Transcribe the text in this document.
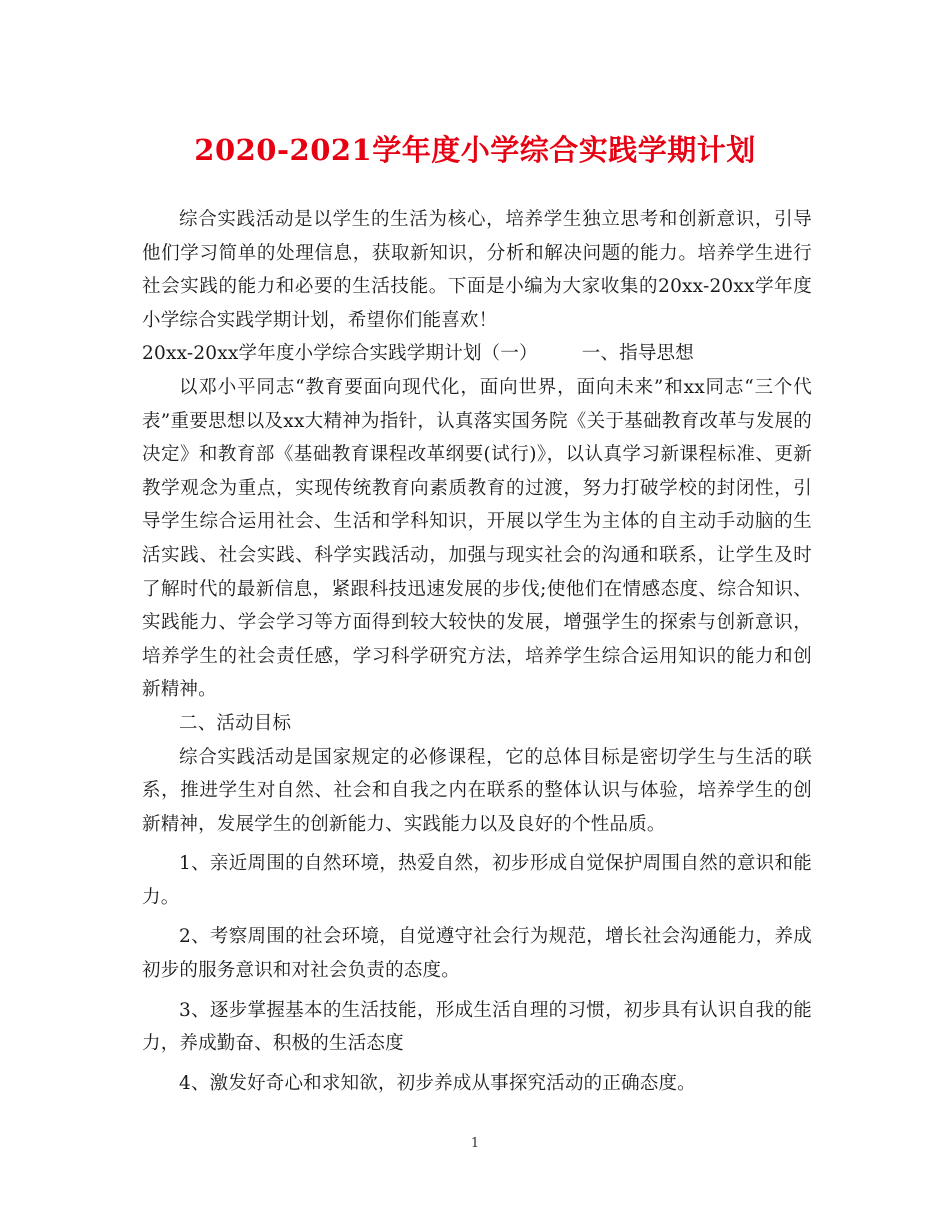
2020-2021学年度小学综合实践学期计划

综合实践活动是以学生的生活为核心，培养学生独立思考和创新意识，引导他们学习简单的处理信息，获取新知识，分析和解决问题的能力。培养学生进行社会实践的能力和必要的生活技能。下面是小编为大家收集的20xx-20xx学年度小学综合实践学期计划，希望你们能喜欢！

20xx-20xx学年度小学综合实践学期计划（一） 一、指导思想

以邓小平同志“教育要面向现代化，面向世界，面向未来”和xx同志“三个代表”重要思想以及xx大精神为指针，认真落实国务院《关于基础教育改革与发展的决定》和教育部《基础教育课程改革纲要(试行)》，以认真学习新课程标准、更新教学观念为重点，实现传统教育向素质教育的过渡，努力打破学校的封闭性，引导学生综合运用社会、生活和学科知识，开展以学生为主体的自主动手动脑的生活实践、社会实践、科学实践活动，加强与现实社会的沟通和联系，让学生及时了解时代的最新信息，紧跟科技迅速发展的步伐;使他们在情感态度、综合知识、实践能力、学会学习等方面得到较大较快的发展，增强学生的探索与创新意识，培养学生的社会责任感，学习科学研究方法，培养学生综合运用知识的能力和创新精神。

二、活动目标

综合实践活动是国家规定的必修课程，它的总体目标是密切学生与生活的联系，推进学生对自然、社会和自我之内在联系的整体认识与体验，培养学生的创新精神，发展学生的创新能力、实践能力以及良好的个性品质。

1、亲近周围的自然环境，热爱自然，初步形成自觉保护周围自然的意识和能力。

2、考察周围的社会环境，自觉遵守社会行为规范，增长社会沟通能力，养成初步的服务意识和对社会负责的态度。

3、逐步掌握基本的生活技能，形成生活自理的习惯，初步具有认识自我的能力，养成勤奋、积极的生活态度

4、激发好奇心和求知欲，初步养成从事探究活动的正确态度。

1
